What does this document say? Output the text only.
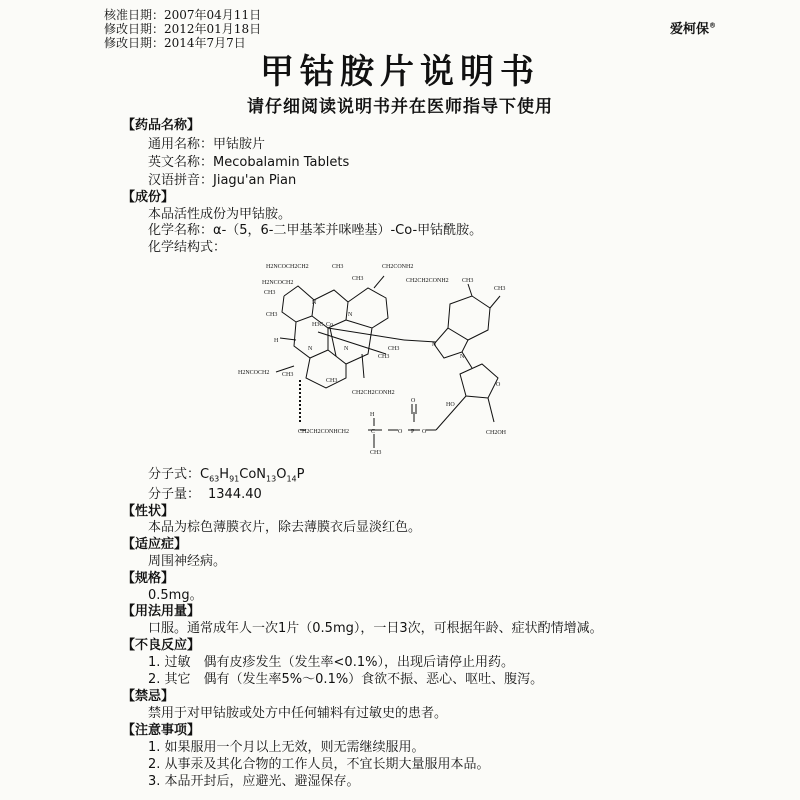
核准日期：2007年04月11日
修改日期：2012年01月18日
修改日期：2014年7月7日
爱柯保®
甲钴胺片说明书
请仔细阅读说明书并在医师指导下使用
【药品名称】
通用名称：甲钴胺片
英文名称：Mecobalamin Tablets
汉语拼音：Jiagu'an Pian
【成份】
本品活性成份为甲钴胺。
化学名称：α-（5，6-二甲基苯并咪唑基）-Co-甲钴酰胺。
化学结构式：
H2NCOCH2CH2
H2NCOCH2
CH3
CH3
CH3
CH3
CH2CONH2
CH2CH2CONH2
H3C Co
H
N
N
N	N
H2NCOCH2 CH3
CH3
CH3
CH3
CH2CH2CONH2
CH3
CH3
N
N
HO
O
CH2OH
CH2CH2CONHCH2
H
C
CH3
O P
O
O
分子式：$C_{63}H_{91}CoN_{13}O_{14}P$
分子量： 1344.40
【性状】
本品为棕色薄膜衣片，除去薄膜衣后显淡红色。
【适应症】
周围神经病。
【规格】
0.5mg。
【用法用量】
口服。通常成年人一次1片（0.5mg），一日3次，可根据年龄、症状酌情增减。
【不良反应】
1. 过敏　偶有皮疹发生（发生率<0.1%），出现后请停止用药。
2. 其它　偶有（发生率5%～0.1%）食欲不振、恶心、呕吐、腹泻。
【禁忌】
禁用于对甲钴胺或处方中任何辅料有过敏史的患者。
【注意事项】
1. 如果服用一个月以上无效，则无需继续服用。
2. 从事汞及其化合物的工作人员，不宜长期大量服用本品。
3. 本品开封后，应避光、避湿保存。
